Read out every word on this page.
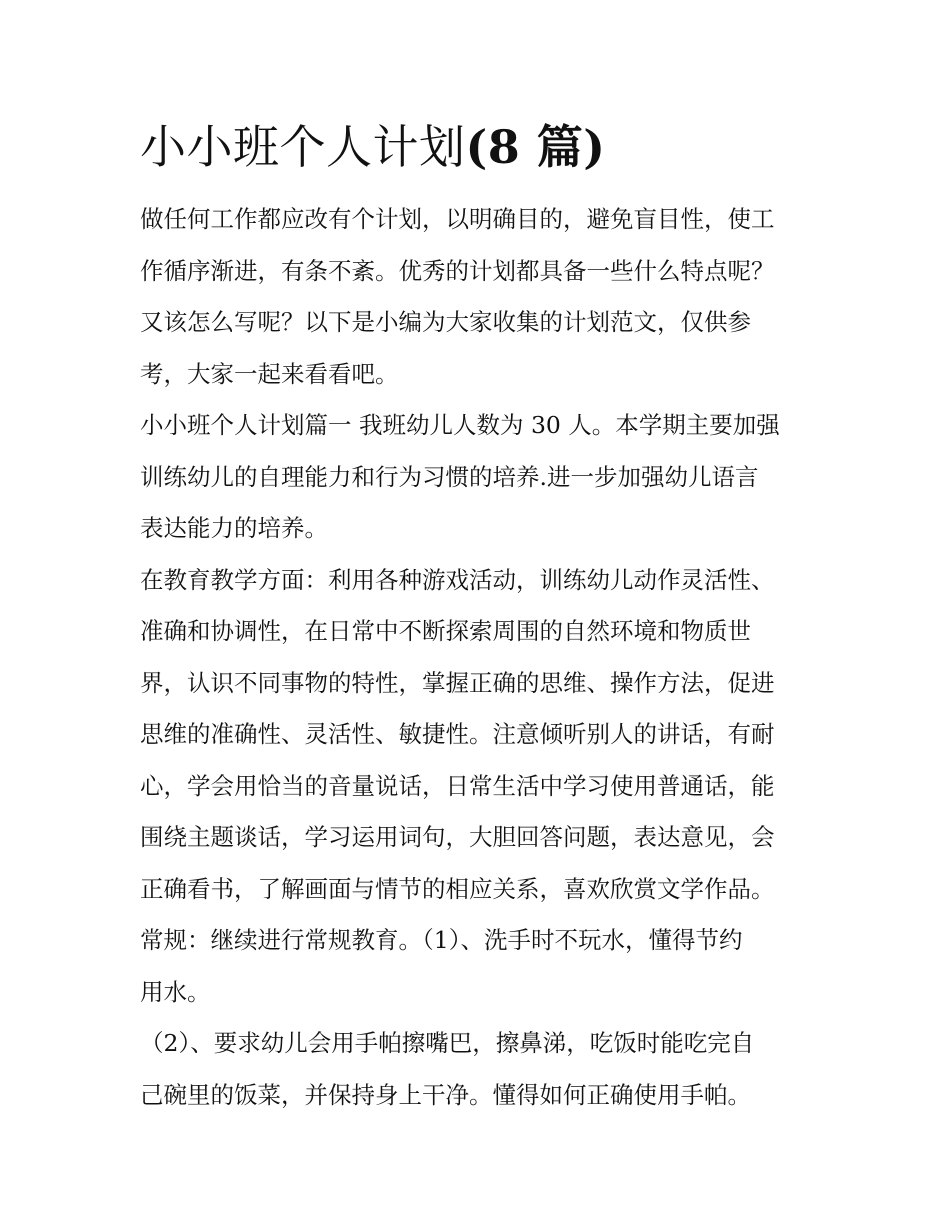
小小班个人计划(8 篇)

做任何工作都应改有个计划，以明确目的，避免盲目性，使工
作循序渐进，有条不紊。优秀的计划都具备一些什么特点呢？
又该怎么写呢？以下是小编为大家收集的计划范文，仅供参
考，大家一起来看看吧。

小小班个人计划篇一 我班幼儿人数为 30 人。本学期主要加强
训练幼儿的自理能力和行为习惯的培养.进一步加强幼儿语言
表达能力的培养。

在教育教学方面：利用各种游戏活动，训练幼儿动作灵活性、
准确和协调性，在日常中不断探索周围的自然环境和物质世
界，认识不同事物的特性，掌握正确的思维、操作方法，促进
思维的准确性、灵活性、敏捷性。注意倾听别人的讲话，有耐
心，学会用恰当的音量说话，日常生活中学习使用普通话，能
围绕主题谈话，学习运用词句，大胆回答问题，表达意见，会
正确看书，了解画面与情节的相应关系，喜欢欣赏文学作品。

常规：继续进行常规教育。（1）、洗手时不玩水，懂得节约
用水。

（2）、要求幼儿会用手帕擦嘴巴，擦鼻涕，吃饭时能吃完自
己碗里的饭菜，并保持身上干净。懂得如何正确使用手帕。
